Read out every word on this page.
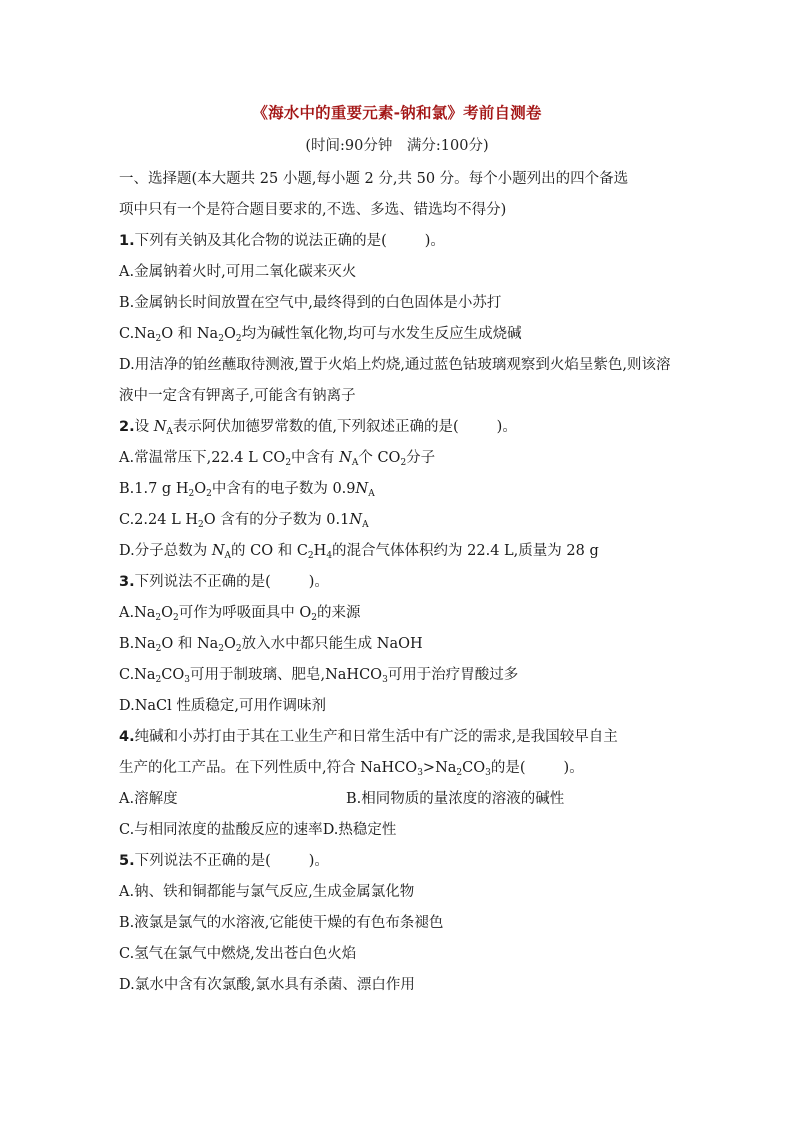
《海水中的重要元素-钠和氯》考前自测卷
(时间:90分钟　满分:100分)
一、选择题(本大题共 25 小题,每小题 2 分,共 50 分。每个小题列出的四个备选
项中只有一个是符合题目要求的,不选、多选、错选均不得分)
1.下列有关钠及其化合物的说法正确的是(	)。
A.金属钠着火时,可用二氧化碳来灭火
B.金属钠长时间放置在空气中,最终得到的白色固体是小苏打
$C.Na_2O$ 和 $Na_2O_2$均为碱性氧化物,均可与水发生反应生成烧碱
D.用洁净的铂丝蘸取待测液,置于火焰上灼烧,通过蓝色钴玻璃观察到火焰呈紫色,则该溶液中一定含有钾离子,可能含有钠离子
2.设 $N_A$表示阿伏加德罗常数的值,下列叙述正确的是(	)。
A.常温常压下,22.4 L $CO_2$中含有 $N_A$个 $CO_2$分子
B.1.7 g $H_2O_2$中含有的电子数为 $0.9N_A$
C.2.24 L $H_2O$ 含有的分子数为 $0.1N_A$
D.分子总数为 $N_A$的 CO 和 $C_2H_4$的混合气体体积约为 22.4 L,质量为 28 g
3.下列说法不正确的是(	)。
$A.Na_2O_2$可作为呼吸面具中 $O_2$的来源
$B.Na_2O$ 和 $Na_2O_2$放入水中都只能生成 NaOH
$C.Na_2CO_3$可用于制玻璃、肥皂,NaHCO$_3$可用于治疗胃酸过多
D.NaCl 性质稳定,可用作调味剂
4.纯碱和小苏打由于其在工业生产和日常生活中有广泛的需求,是我国较早自主
生产的化工产品。在下列性质中,符合 $NaHCO_3>Na_2CO_3$的是(	)。
A.溶解度	B.相同物质的量浓度的溶液的碱性
C.与相同浓度的盐酸反应的速率D.热稳定性
5.下列说法不正确的是(	)。
A.钠、铁和铜都能与氯气反应,生成金属氯化物
B.液氯是氯气的水溶液,它能使干燥的有色布条褪色
C.氢气在氯气中燃烧,发出苍白色火焰
D.氯水中含有次氯酸,氯水具有杀菌、漂白作用
